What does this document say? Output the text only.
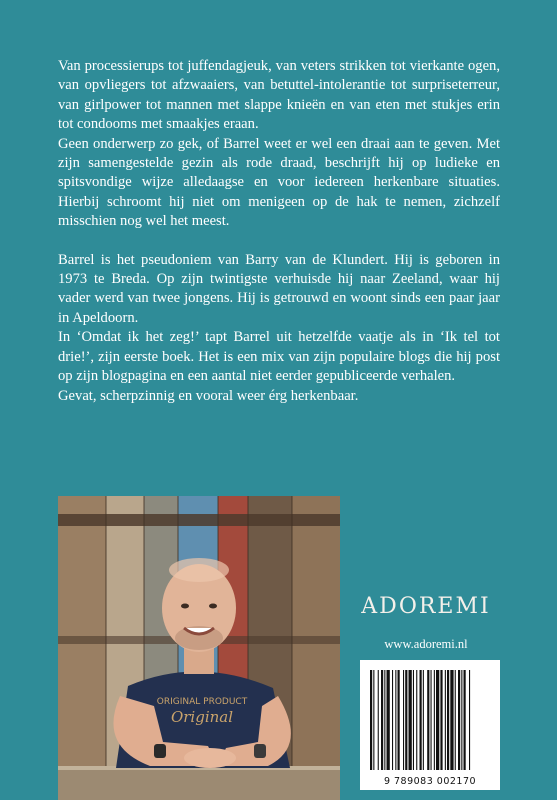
Van processierups tot juffendagjeuk, van veters strikken tot vierkante ogen, van opvliegers tot afzwaaiers, van betuttel-intolerantie tot surpriseterreur, van girlpower tot mannen met slappe knieën en van eten met stukjes erin tot condooms met smaakjes eraan.

Geen onderwerp zo gek, of Barrel weet er wel een draai aan te geven. Met zijn samengestelde gezin als rode draad, beschrijft hij op ludieke en spitsvondige wijze alledaagse en voor iedereen herkenbare situaties. Hierbij schroomt hij niet om menigeen op de hak te nemen, zichzelf misschien nog wel het meest.

Barrel is het pseudoniem van Barry van de Klundert. Hij is geboren in 1973 te Breda. Op zijn twintigste verhuisde hij naar Zeeland, waar hij vader werd van twee jongens. Hij is getrouwd en woont sinds een paar jaar in Apeldoorn.

In ‘Omdat ik het zeg!’ tapt Barrel uit hetzelfde vaatje als in ‘Ik tel tot drie!’, zijn eerste boek. Het is een mix van zijn populaire blogs die hij post op zijn blogpagina en een aantal niet eerder gepubliceerde verhalen.

Gevat, scherpzinnig en vooral weer érg herkenbaar.

ORIGINAL PRODUCT
Original
ADOREMI
www.adoremi.nl
9 789083 002170
